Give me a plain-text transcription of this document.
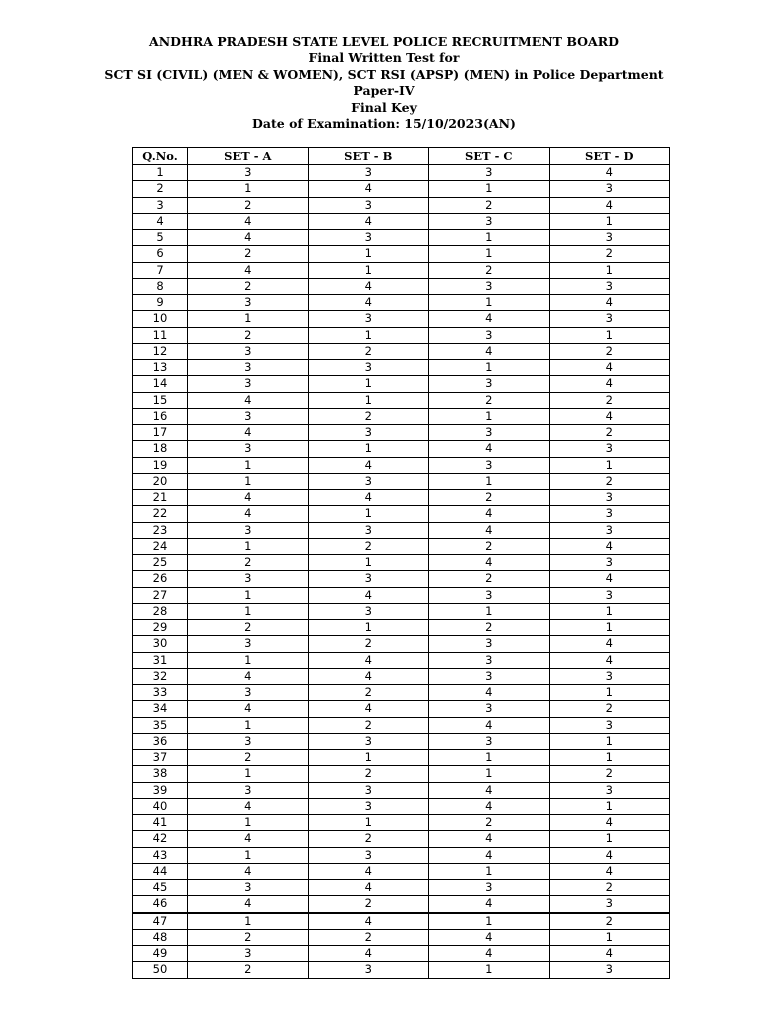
ANDHRA PRADESH STATE LEVEL POLICE RECRUITMENT BOARD
Final Written Test for
SCT SI (CIVIL) (MEN & WOMEN), SCT RSI (APSP) (MEN) in Police Department
Paper-IV
Final Key
Date of Examination: 15/10/2023(AN)
Q.No.	SET - A	SET - B	SET - C	SET - D
1	3	3	3	4
2	1	4	1	3
3	2	3	2	4
4	4	4	3	1
5	4	3	1	3
6	2	1	1	2
7	4	1	2	1
8	2	4	3	3
9	3	4	1	4
10	1	3	4	3
11	2	1	3	1
12	3	2	4	2
13	3	3	1	4
14	3	1	3	4
15	4	1	2	2
16	3	2	1	4
17	4	3	3	2
18	3	1	4	3
19	1	4	3	1
20	1	3	1	2
21	4	4	2	3
22	4	1	4	3
23	3	3	4	3
24	1	2	2	4
25	2	1	4	3
26	3	3	2	4
27	1	4	3	3
28	1	3	1	1
29	2	1	2	1
30	3	2	3	4
31	1	4	3	4
32	4	4	3	3
33	3	2	4	1
34	4	4	3	2
35	1	2	4	3
36	3	3	3	1
37	2	1	1	1
38	1	2	1	2
39	3	3	4	3
40	4	3	4	1
41	1	1	2	4
42	4	2	4	1
43	1	3	4	4
44	4	4	1	4
45	3	4	3	2
46	4	2	4	3
47	1	4	1	2
48	2	2	4	1
49	3	4	4	4
50	2	3	1	3
